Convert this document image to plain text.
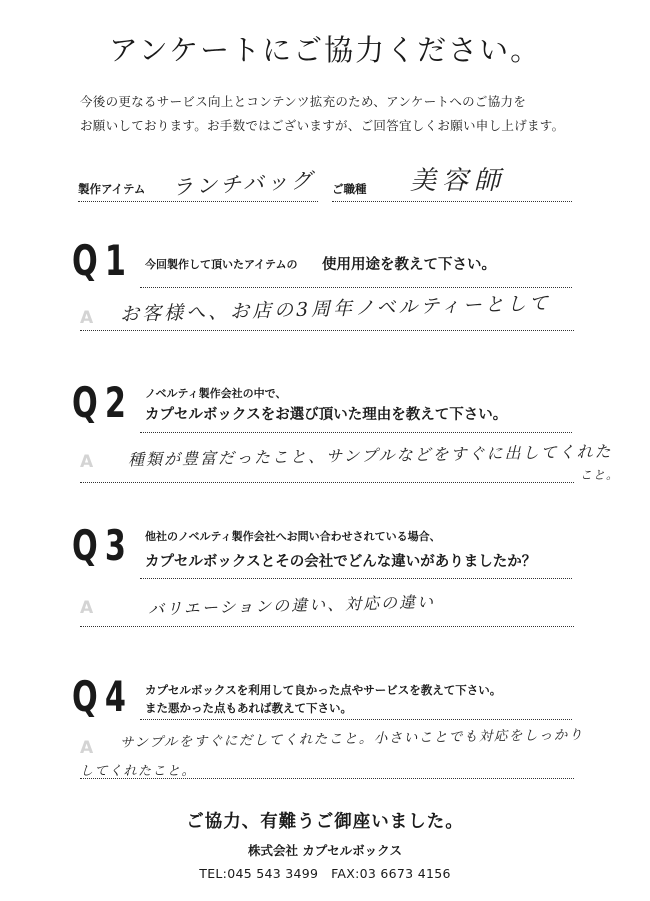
アンケートにご協力ください。
今後の更なるサービス向上とコンテンツ拡充のため、アンケートへのご協力を
お願いしております。お手数ではございますが、ご回答宜しくお願い申し上げます。
製作アイテム ランチバッグ ご職種 美容師
Q1 今回製作して頂いたアイテムの 使用用途を教えて下さい。
A お客様へ、お店の3周年ノベルティーとして
ノベルティ製作会社の中で、
Q2 カプセルボックスをお選び頂いた理由を教えて下さい。
A 種類が豊富だったこと、サンプルなどをすぐに出してくれた
こと。
他社のノベルティ製作会社へお問い合わせされている場合、
Q3 カプセルボックスとその会社でどんな違いがありましたか？
A	バリエーションの違い、対応の違い
Q4 カプセルボックスを利用して良かった点やサービスを教えて下さい。
また悪かった点もあれば教えて下さい。
A サンプルをすぐにだしてくれたこと。小さいことでも対応をしっかり
してくれたこと。
ご協力、有難うご御座いました。
株式会社 カプセルボックス
TEL:045 543 3499　FAX:03 6673 4156
